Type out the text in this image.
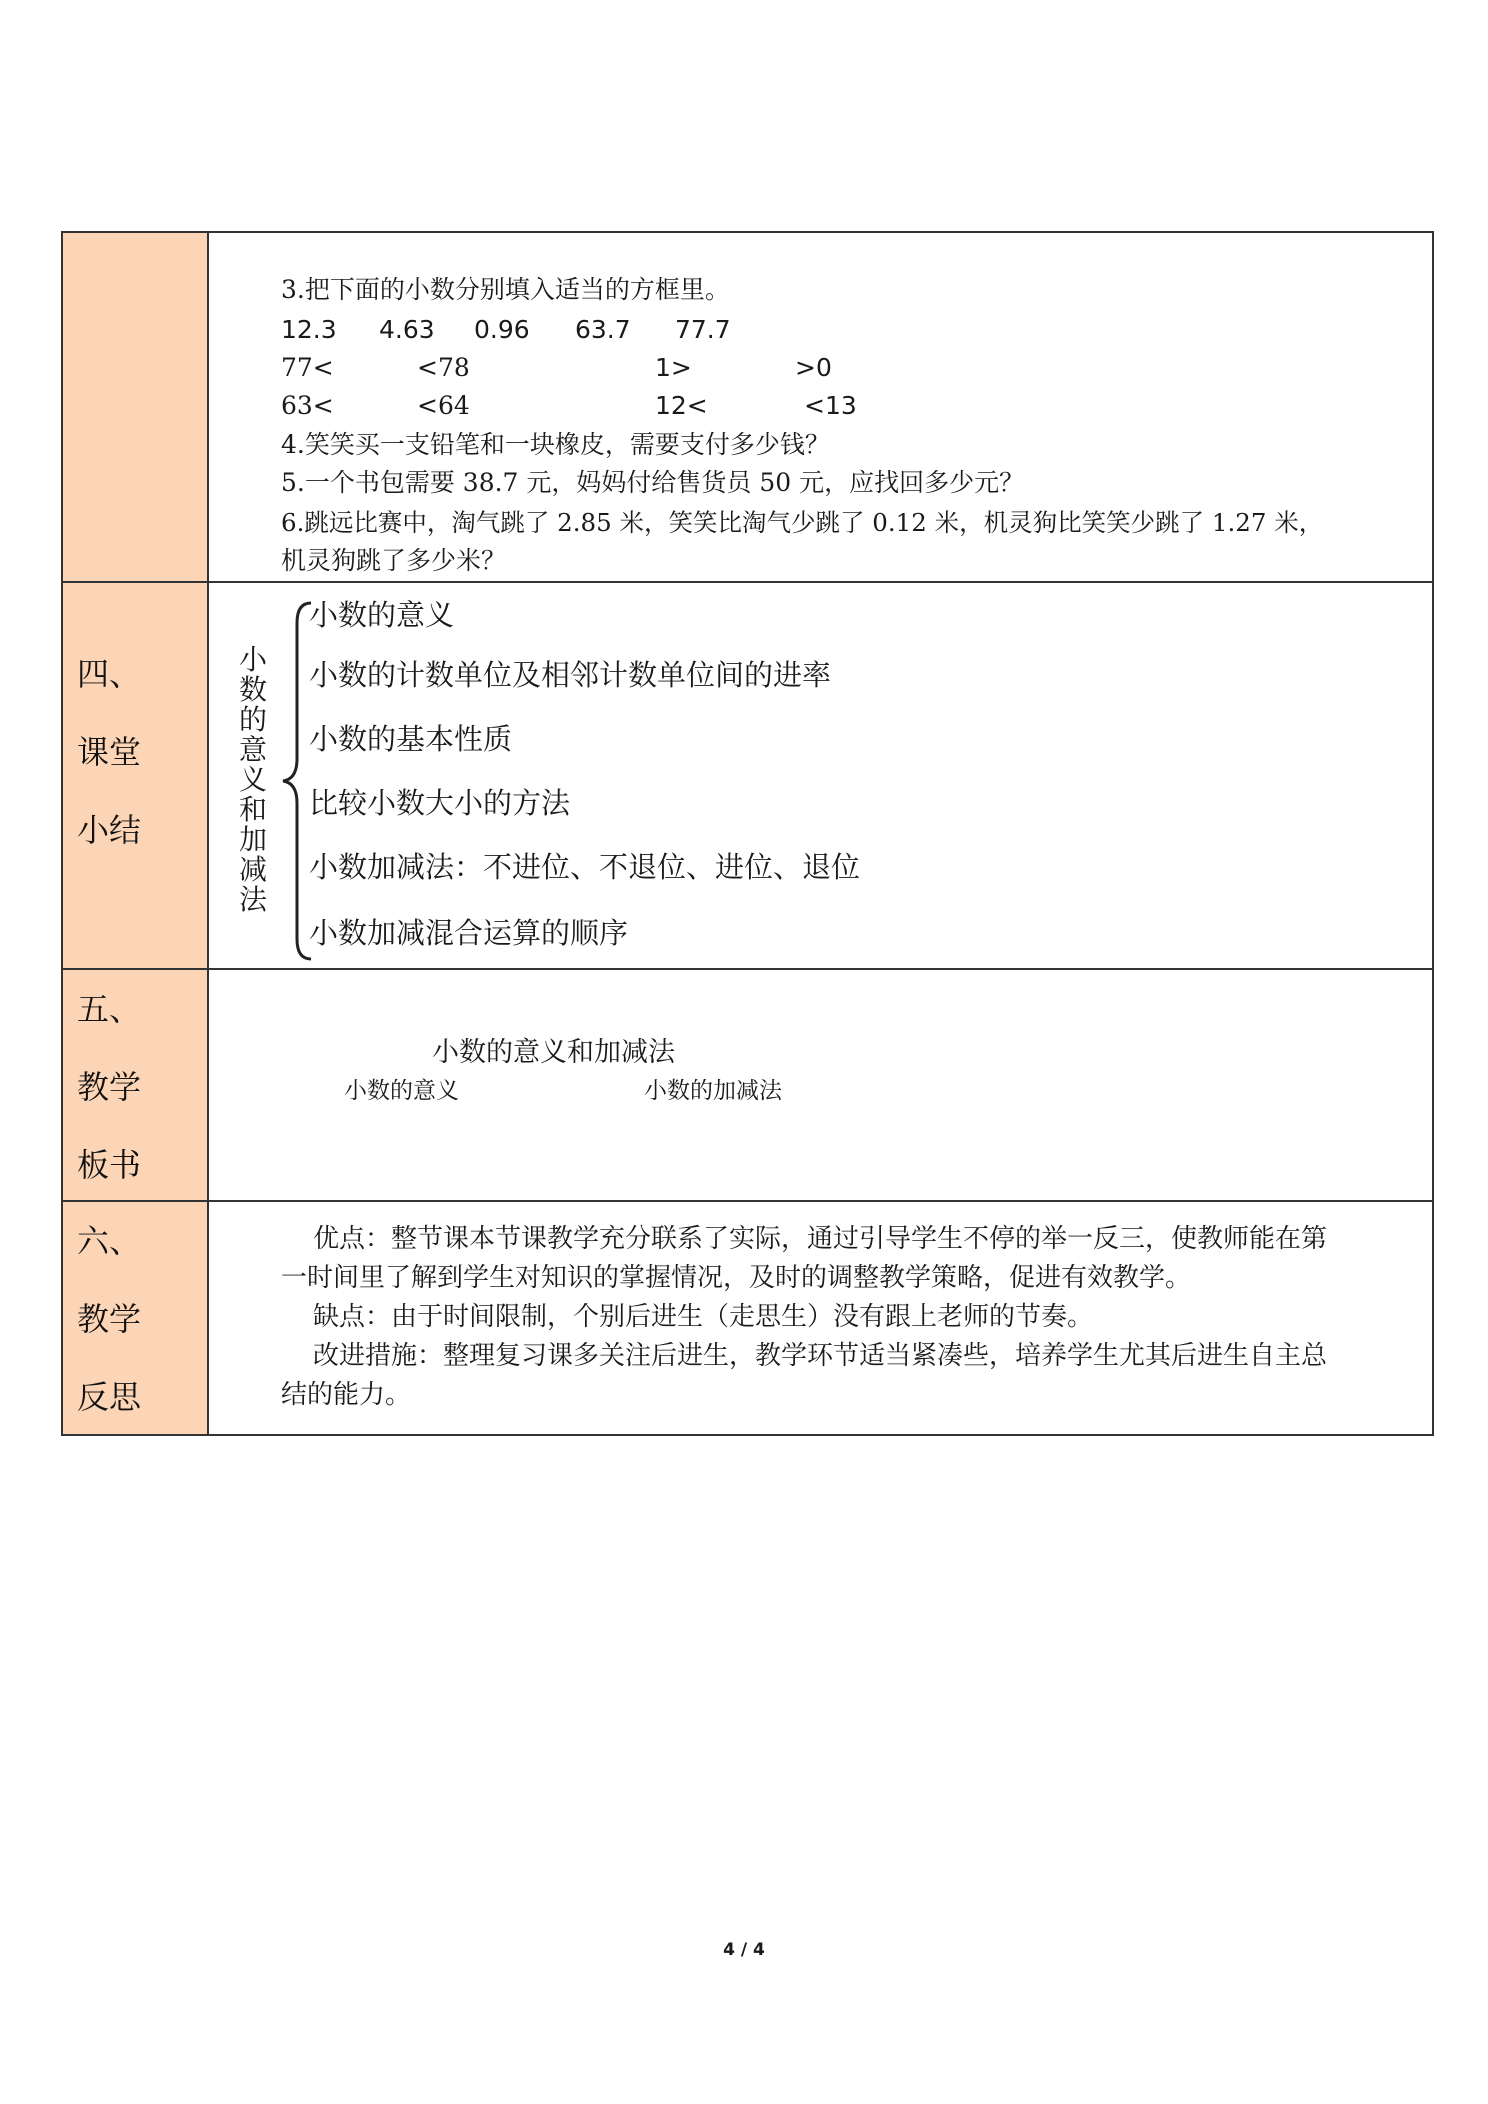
3.把下面的小数分别填入适当的方框里。
12.3 4.63 0.96 63.7 77.7
77<	<78	1>	>0
63<	<64	12<	<13
4.笑笑买一支铅笔和一块橡皮，需要支付多少钱？
5.一个书包需要 38.7 元，妈妈付给售货员 50 元，应找回多少元？
6.跳远比赛中，淘气跳了 2.85 米，笑笑比淘气少跳了 0.12 米，机灵狗比笑笑少跳了 1.27 米，
机灵狗跳了多少米？
四、
课堂
小结
小
数
的
意
义
和
加
减
法
小数的意义
小数的计数单位及相邻计数单位间的进率
小数的基本性质
比较小数大小的方法
小数加减法：不进位、不退位、进位、退位
小数加减混合运算的顺序
五、
教学
板书
小数的意义和加减法
小数的意义	小数的加减法
六、
教学
反思
优点：整节课本节课教学充分联系了实际，通过引导学生不停的举一反三，使教师能在第
一时间里了解到学生对知识的掌握情况，及时的调整教学策略，促进有效教学。
缺点：由于时间限制，个别后进生（走思生）没有跟上老师的节奏。
改进措施：整理复习课多关注后进生，教学环节适当紧凑些，培养学生尤其后进生自主总
结的能力。
4 / 4
